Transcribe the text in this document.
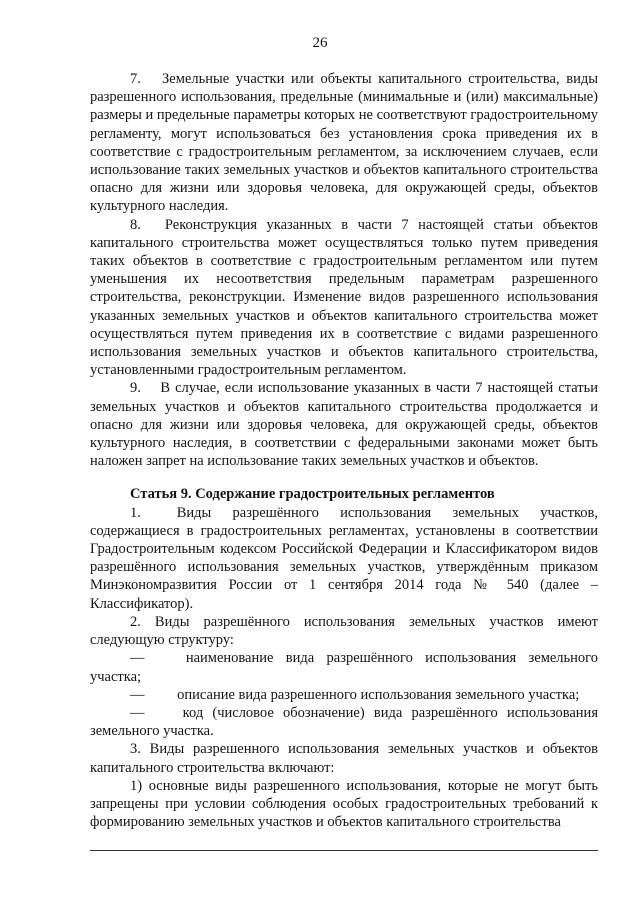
26

7.  Земельные участки или объекты капитального строительства, виды разрешенного использования, предельные (минимальные и (или) максимальные) размеры и предельные параметры которых не соответствуют градостроительному регламенту, могут использоваться без установления срока приведения их в соответствие с градостроительным регламентом, за исключением случаев, если использование таких земельных участков и объектов капитального строительства опасно для жизни или здоровья человека, для окружающей среды, объектов культурного наследия.

8.  Реконструкция указанных в части 7 настоящей статьи объектов капитального строительства может осуществляться только путем приведения таких объектов в соответствие с градостроительным регламентом или путем уменьшения их несоответствия предельным параметрам разрешенного строительства, реконструкции. Изменение видов разрешенного использования указанных земельных участков и объектов капитального строительства может осуществляться путем приведения их в соответствие с видами разрешенного использования земельных участков и объектов капитального строительства, установленными градостроительным регламентом.

9.  В случае, если использование указанных в части 7 настоящей статьи земельных участков и объектов капитального строительства продолжается и опасно для жизни или здоровья человека, для окружающей среды, объектов культурного наследия, в соответствии с федеральными законами может быть наложен запрет на использование таких земельных участков и объектов.

Статья 9. Содержание градостроительных регламентов

1.  Виды разрешённого использования земельных участков, содержащиеся в градостроительных регламентах, установлены в соответствии Градостроительным кодексом Российской Федерации и Классификатором видов разрешённого использования земельных участков, утверждённым приказом Минэкономразвития России от 1 сентября 2014 года № 540 (далее – Классификатор).

2. Виды разрешённого использования земельных участков имеют следующую структуру:

—   наименование вида разрешённого использования земельного участка;

—   описание вида разрешенного использования земельного участка;

—   код (числовое обозначение) вида разрешённого использования земельного участка.

3. Виды разрешенного использования земельных участков и объектов капитального строительства включают:

1) основные виды разрешенного использования, которые не могут быть запрещены при условии соблюдения особых градостроительных требований к формированию земельных участков и объектов капитального строительства
